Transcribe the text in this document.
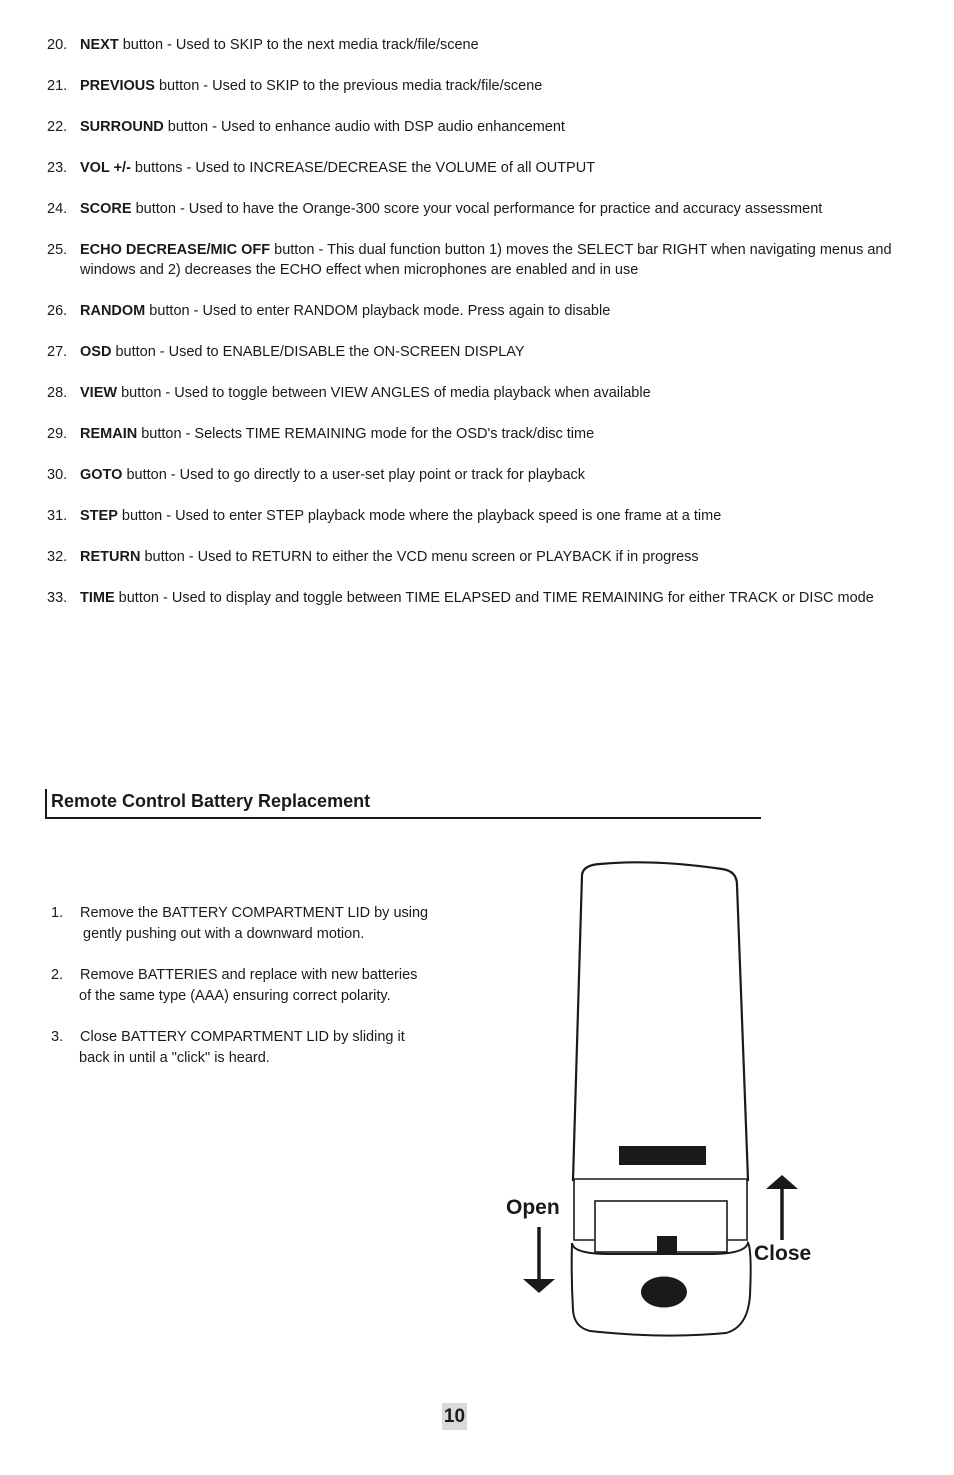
20. NEXT button - Used to SKIP to the next media track/file/scene
21. PREVIOUS button - Used to SKIP to the previous media track/file/scene
22. SURROUND button - Used to enhance audio with DSP audio enhancement
23. VOL +/- buttons - Used to INCREASE/DECREASE the VOLUME of all OUTPUT
24. SCORE button - Used to have the Orange-300 score your vocal performance for practice and accuracy assessment
25. ECHO DECREASE/MIC OFF button - This dual function button 1) moves the SELECT bar RIGHT when navigating menus and windows and 2) decreases the ECHO effect when microphones are enabled and in use
26. RANDOM button - Used to enter RANDOM playback mode. Press again to disable
27. OSD button - Used to ENABLE/DISABLE the ON-SCREEN DISPLAY
28. VIEW button - Used to toggle between VIEW ANGLES of media playback when available
29. REMAIN button - Selects TIME REMAINING mode for the OSD's track/disc time
30. GOTO button - Used to go directly to a user-set play point or track for playback
31. STEP button - Used to enter STEP playback mode where the playback speed is one frame at a time
32. RETURN button - Used to RETURN to either the VCD menu screen or PLAYBACK if in progress
33. TIME button - Used to display and toggle between TIME ELAPSED and TIME REMAINING for either TRACK or DISC mode
Remote Control Battery Replacement
1. Remove the BATTERY COMPARTMENT LID by using
gently pushing out with a downward motion.
2. Remove BATTERIES and replace with new batteries
of the same type (AAA) ensuring correct polarity.
3. Close BATTERY COMPARTMENT LID by sliding it
back in until a "click" is heard.
Open
Close
10
